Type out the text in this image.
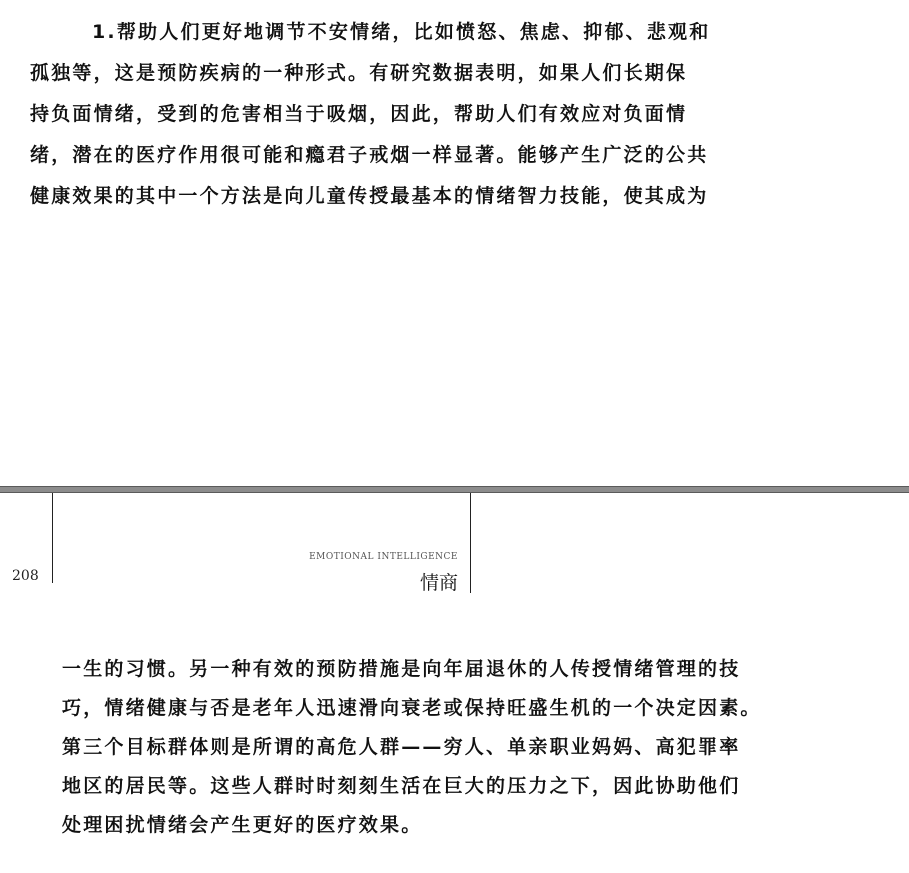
1.帮助人们更好地调节不安情绪，比如愤怒、焦虑、抑郁、悲观和
孤独等，这是预防疾病的一种形式。有研究数据表明，如果人们长期保
持负面情绪，受到的危害相当于吸烟，因此，帮助人们有效应对负面情
绪，潜在的医疗作用很可能和瘾君子戒烟一样显著。能够产生广泛的公共
健康效果的其中一个方法是向儿童传授最基本的情绪智力技能，使其成为
208
EMOTIONAL INTELLIGENCE
情商
一生的习惯。另一种有效的预防措施是向年届退休的人传授情绪管理的技
巧，情绪健康与否是老年人迅速滑向衰老或保持旺盛生机的一个决定因素。
第三个目标群体则是所谓的高危人群——穷人、单亲职业妈妈、高犯罪率
地区的居民等。这些人群时时刻刻生活在巨大的压力之下，因此协助他们
处理困扰情绪会产生更好的医疗效果。
